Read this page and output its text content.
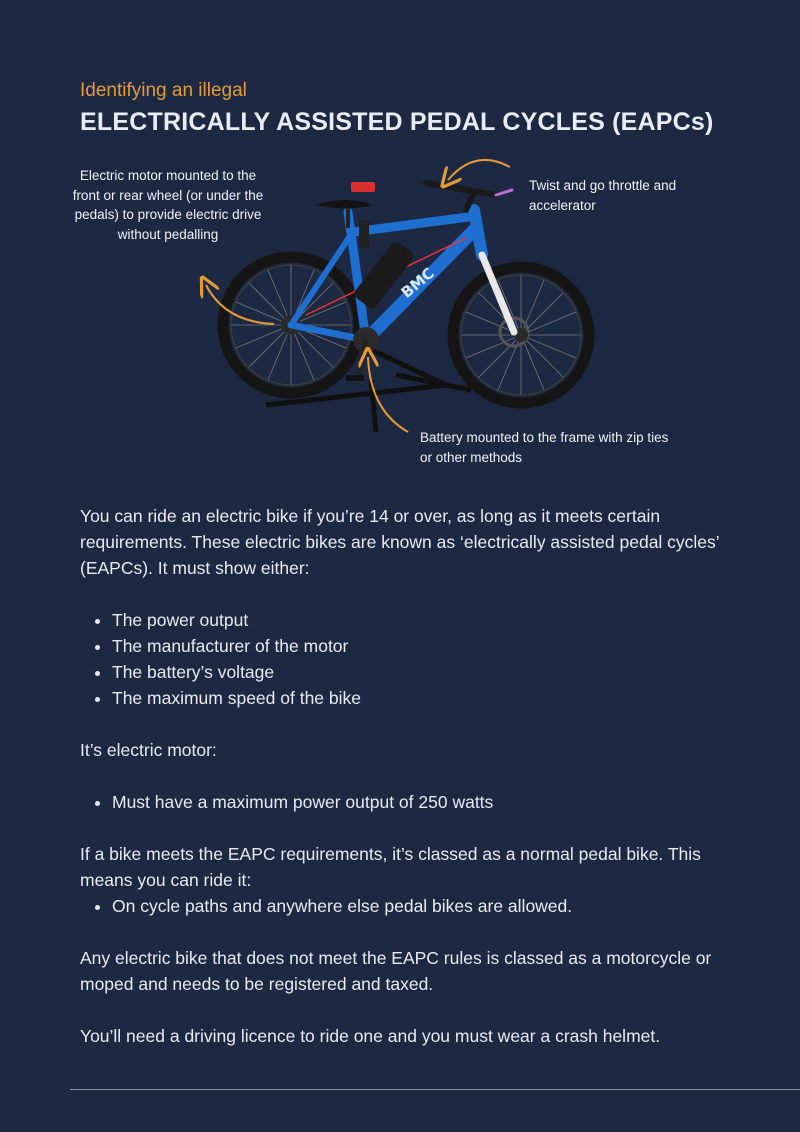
Identifying an illegal
ELECTRICALLY ASSISTED PEDAL CYCLES (EAPCs)
BMC
Electric motor mounted to the front or rear wheel (or under the pedals) to provide electric drive without pedalling
Twist and go throttle and accelerator
Battery mounted to the frame with zip ties or other methods

You can ride an electric bike if you’re 14 or over, as long as it meets certain requirements. These electric bikes are known as ‘electrically assisted pedal cycles’ (EAPCs). It must show either:

• The power output
• The manufacturer of the motor
• The battery’s voltage
• The maximum speed of the bike

It’s electric motor:

• Must have a maximum power output of 250 watts

If a bike meets the EAPC requirements, it’s classed as a normal pedal bike. This means you can ride it:

• On cycle paths and anywhere else pedal bikes are allowed.

Any electric bike that does not meet the EAPC rules is classed as a motorcycle or moped and needs to be registered and taxed.

You’ll need a driving licence to ride one and you must wear a crash helmet.
